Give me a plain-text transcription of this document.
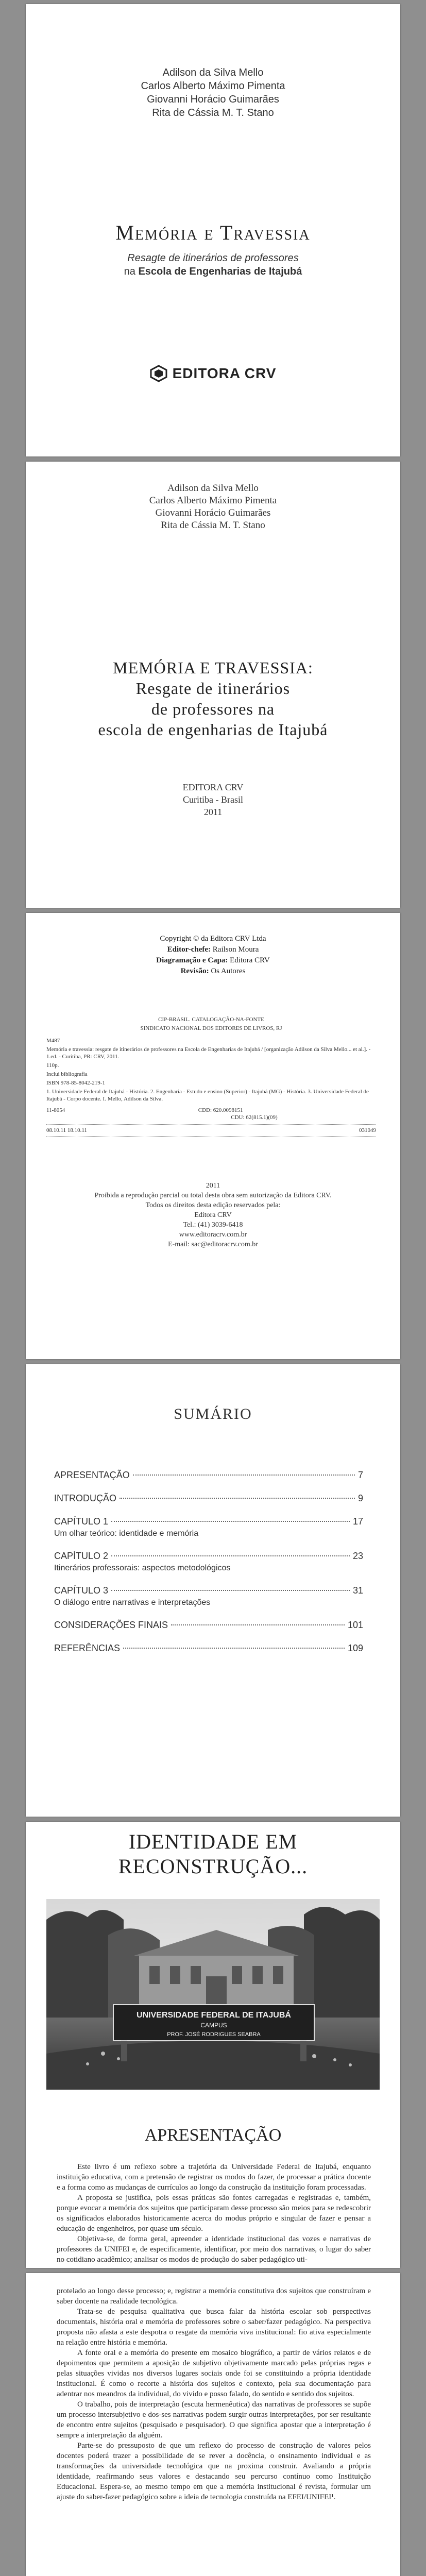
Adilson da Silva Mello
Carlos Alberto Máximo Pimenta
Giovanni Horácio Guimarães
Rita de Cássia M. T. Stano
Memória e Travessia
Resagte de itinerários de professores
na Escola de Engenharias de Itajubá
EDITORA CRV
Adilson da Silva Mello
Carlos Alberto Máximo Pimenta
Giovanni Horácio Guimarães
Rita de Cássia M. T. Stano
MEMÓRIA E TRAVESSIA:
Resgate de itinerários
de professores na
escola de engenharias de Itajubá
EDITORA CRV
Curitiba - Brasil
2011
Copyright © da Editora CRV Ltda
Editor-chefe: Railson Moura
Diagramação e Capa: Editora CRV
Revisão: Os Autores

CIP-BRASIL. CATALOGAÇÃO-NA-FONTE

SINDICATO NACIONAL DOS EDITORES DE LIVROS, RJ

M487

Memória e travessia: resgate de itinerários de professores na Escola de Engenharias de Itajubá / [organização Adilson da Silva Mello... et al.]. - 1.ed. - Curitiba, PR: CRV, 2011.

110p.

Inclui bibliografia

ISBN 978-85-8042-219-1

1. Universidade Federal de Itajubá - História. 2. Engenharia - Estudo e ensino (Superior) - Itajubá (MG) - História. 3. Universidade Federal de Itajubá - Corpo docente. I. Mello, Adilson da Silva.

11-8054	CDD: 620.0098151
CDU: 62(815.1)(09)
08.10.11 18.10.11	031049
2011
Proibida a reprodução parcial ou total desta obra sem autorização da Editora CRV.
Todos os direitos desta edição reservados pela:
Editora CRV
Tel.: (41) 3039-6418
www.editoracrv.com.br
E-mail: sac@editoracrv.com.br
SUMÁRIO
APRESENTAÇÃO	7
INTRODUÇÃO	9
CAPÍTULO 1	17
Um olhar teórico: identidade e memória
CAPÍTULO 2	23
Itinerários professorais: aspectos metodológicos
CAPÍTULO 3	31
O diálogo entre narrativas e interpretações
CONSIDERAÇÕES FINAIS	101
REFERÊNCIAS	109
IDENTIDADE EM
RECONSTRUÇÃO...
UNIVERSIDADE FEDERAL DE ITAJUBÁ
CAMPUS
PROF. JOSÉ RODRIGUES SEABRA
APRESENTAÇÃO

Este livro é um reflexo sobre a trajetória da Universidade Federal de Itajubá, enquanto instituição educativa, com a pretensão de registrar os modos do fazer, de processar a prática docente e a forma como as mudanças de currículos ao longo da construção da instituição foram processadas.

A proposta se justifica, pois essas práticas são fontes carregadas e registradas e, também, porque evocar a memória dos sujeitos que participaram desse processo são meios para se redescobrir os significados elaborados historicamente acerca do modus próprio e singular de fazer e pensar a educação de engenheiros, por quase um século.

Objetiva-se, de forma geral, apreender a identidade institucional das vozes e narrativas de professores da UNIFEI e, de especificamente, identificar, por meio dos narrativas, o lugar do saber no cotidiano acadêmico; analisar os modos de produção do saber pedagógico uti-

protelado ao longo desse processo; e, registrar a memória constitutiva dos sujeitos que construíram e saber docente na realidade tecnológica.

Trata-se de pesquisa qualitativa que busca falar da história escolar sob perspectivas documentais, história oral e memória de professores sobre o saber/fazer pedagógico. Na perspectiva proposta não afasta a este despotra o resgate da memória viva institucional: fio ativa especialmente na relação entre história e memória.

A fonte oral e a memória do presente em mosaico biográfico, a partir de vários relatos e de depoimentos que permitem a aposição de subjetivo objetivamente marcado pelas próprias regas e pelas situações vividas nos diversos lugares sociais onde foi se constituindo a própria identidade institucional. É como o recorte a história dos sujeitos e contexto, pela sua documentação para adentrar nos meandros da individual, do vivido e posso falado, do sentido e sentido dos sujeitos.

O trabalho, pois de interpretação (escuta hermenêutica) das narrativas de professores se supõe um processo intersubjetivo e dos-ses narrativas podem surgir outras interpretações, por ser resultante de encontro entre sujeitos (pesquisado e pesquisador). O que significa apostar que a interpretação é sempre a interpretação da alguém.

Parte-se do pressuposto de que um reflexo do processo de construção de valores pelos docentes poderá trazer a possibilidade de se rever a docência, o ensinamento individual e as transformações da universidade tecnológica que na proxima construir. Avaliando a própria identidade, reafirmando seus valores e destacando seu percurso contínuo como Instituição Educacional. Espera-se, ao mesmo tempo em que a memória institucional é revista, formular um ajuste do saber-fazer pedagógico sobre a ideia de tecnologia construída na EFEI/UNIFEI¹.
